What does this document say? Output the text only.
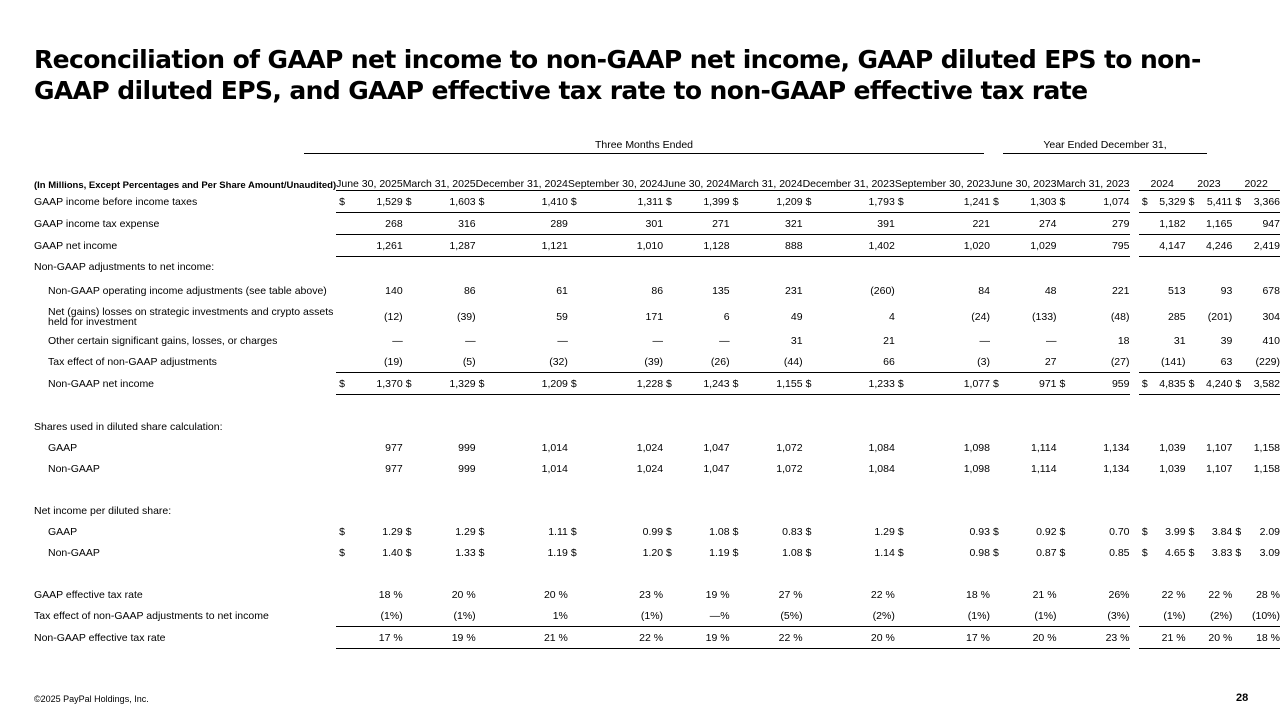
Reconciliation of GAAP net income to non-GAAP net income, GAAP diluted EPS to non-GAAP diluted EPS, and GAAP effective tax rate to non-GAAP effective tax rate
Three Months Ended	Year Ended December 31,
(In Millions, Except Percentages and Per Share Amount/Unaudited)	June 30, 2025	March 31, 2025	December 31, 2024	September 30, 2024	June 30, 2024	March 31, 2024	December 31, 2023	September 30, 2023	June 30, 2023	March 31, 2023		2024	2023	2022
GAAP income before income taxes	$ 1,529	$ 1,603	$ 1,410	$ 1,311	$ 1,399	$ 1,209	$ 1,793	$ 1,241	$ 1,303	$ 1,074		$ 5,329	$ 5,411	$ 3,366
GAAP income tax expense	268	316	289	301	271	321	391	221	274	279		1,182	1,165	947
GAAP net income	1,261	1,287	1,121	1,010	1,128	888	1,402	1,020	1,029	795		4,147	4,246	2,419
Non-GAAP adjustments to net income:														
Non-GAAP operating income adjustments (see table above)	140	86	61	86	135	231	(260)	84	48	221		513	93	678
Net (gains) losses on strategic investments and crypto assets held for investment	(12)	(39)	59	171	6	49	4	(24)	(133)	(48)		285	(201)	304
Other certain significant gains, losses, or charges	—	—	—	—	—	31	21	—	—	18		31	39	410
Tax effect of non-GAAP adjustments	(19)	(5)	(32)	(39)	(26)	(44)	66	(3)	27	(27)		(141)	63	(229)
Non-GAAP net income	$ 1,370	$ 1,329	$ 1,209	$ 1,228	$ 1,243	$ 1,155	$ 1,233	$ 1,077	$ 971	$ 959		$ 4,835	$ 4,240	$ 3,582

Shares used in diluted share calculation:														
GAAP	977	999	1,014	1,024	1,047	1,072	1,084	1,098	1,114	1,134		1,039	1,107	1,158
Non-GAAP	977	999	1,014	1,024	1,047	1,072	1,084	1,098	1,114	1,134		1,039	1,107	1,158

Net income per diluted share:														
GAAP	$ 1.29	$ 1.29	$ 1.11	$ 0.99	$ 1.08	$ 0.83	$ 1.29	$ 0.93	$ 0.92	$ 0.70		$ 3.99	$ 3.84	$ 2.09
Non-GAAP	$ 1.40	$ 1.33	$ 1.19	$ 1.20	$ 1.19	$ 1.08	$ 1.14	$ 0.98	$ 0.87	$ 0.85		$ 4.65	$ 3.83	$ 3.09

GAAP effective tax rate	18 %	20 %	20 %	23 %	19 %	27 %	22 %	18 %	21 %	26%		22 %	22 %	28 %
Tax effect of non-GAAP adjustments to net income	(1%)	(1%)	1%	(1%)	—%	(5%)	(2%)	(1%)	(1%)	(3%)		(1%)	(2%)	(10%)
Non-GAAP effective tax rate	17 %	19 %	21 %	22 %	19 %	22 %	20 %	17 %	20 %	23 %		21 %	20 %	18 %
©2025 PayPal Holdings, Inc.	28
